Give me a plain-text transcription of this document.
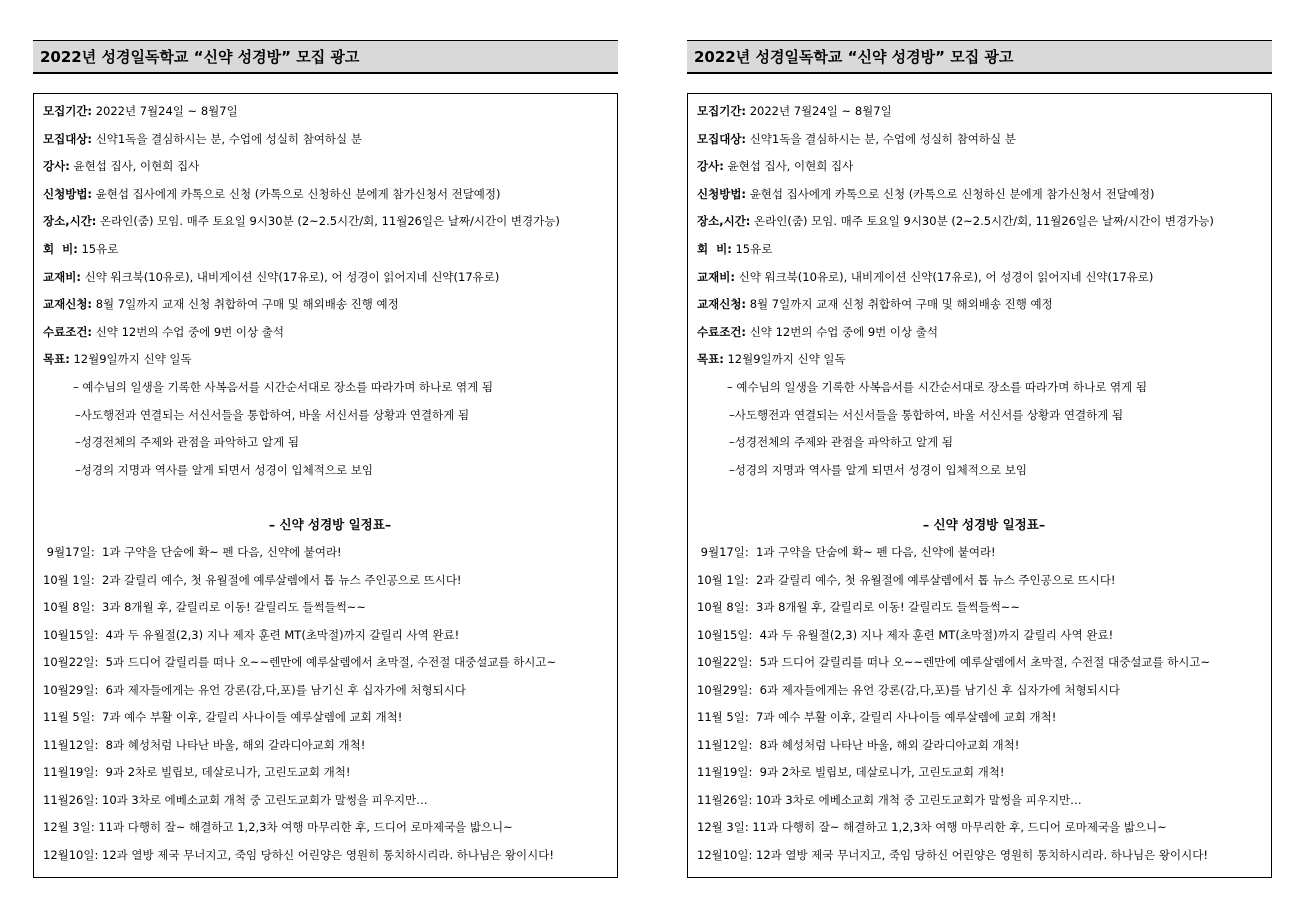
2022년 성경일독학교 “신약 성경방” 모집 광고
모집기간: 2022년 7월24일 ~ 8월7일
모집대상: 신약1독을 결심하시는 분, 수업에 성실히 참여하실 분
강사: 윤현섭 집사, 이현희 집사
신청방법: 윤현섭 집사에게 카톡으로 신청 (카톡으로 신청하신 분에게 참가신청서 전달예정)
장소,시간: 온라인(줌) 모임. 매주 토요일 9시30분 (2~2.5시간/회, 11월26일은 날짜/시간이 변경가능)
회  비: 15유로
교재비: 신약 워크북(10유로), 내비게이션 신약(17유로), 어 성경이 읽어지네 신약(17유로)
교재신청: 8월 7일까지 교재 신청 취합하여 구매 및 해외배송 진행 예정
수료조건: 신약 12번의 수업 중에 9번 이상 출석
목표: 12월9일까지 신약 일독
– 예수님의 일생을 기록한 사복음서를 시간순서대로 장소를 따라가며 하나로 엮게 됨
–사도행전과 연결되는 서신서들을 통합하여, 바울 서신서를 상황과 연결하게 됨
–성경전체의 주제와 관점을 파악하고 알게 됨
–성경의 지명과 역사를 알게 되면서 성경이 입체적으로 보임
– 신약 성경방 일정표–
9월17일:  1과 구약을 단숨에 확~ 펜 다음, 신약에 붙여라!
10월 1일:  2과 갈릴리 예수, 첫 유월절에 예루살렘에서 톱 뉴스 주인공으로 뜨시다!
10월 8일:  3과 8개월 후, 갈릴리로 이동! 갈릴리도 들썩들썩~~
10월15일:  4과 두 유월절(2,3) 지나 제자 훈련 MT(초막절)까지 갈릴리 사역 완료!
10월22일:  5과 드디어 갈릴리를 떠나 오~~렌만에 예루살렘에서 초막절, 수전절 대중설교를 하시고~
10월29일:  6과 제자들에게는 유언 강론(감,다,포)를 남기신 후 십자가에 처형되시다
11월 5일:  7과 예수 부활 이후, 갈릴리 사나이들 예루살렘에 교회 개척!
11월12일:  8과 혜성처럼 나타난 바울, 해외 갈라디아교회 개척!
11월19일:  9과 2차로 빌립보, 데살로니가, 고린도교회 개척!
11월26일: 10과 3차로 에베소교회 개척 중 고린도교회가 말썽을 피우지만…
12월 3일: 11과 다행히 잘~ 해결하고 1,2,3차 여행 마무리한 후, 드디어 로마제국을 밟으니~
12월10일: 12과 열방 제국 무너지고, 죽임 당하신 어린양은 영원히 통치하시리라. 하나님은 왕이시다!
2022년 성경일독학교 “신약 성경방” 모집 광고
모집기간: 2022년 7월24일 ~ 8월7일
모집대상: 신약1독을 결심하시는 분, 수업에 성실히 참여하실 분
강사: 윤현섭 집사, 이현희 집사
신청방법: 윤현섭 집사에게 카톡으로 신청 (카톡으로 신청하신 분에게 참가신청서 전달예정)
장소,시간: 온라인(줌) 모임. 매주 토요일 9시30분 (2~2.5시간/회, 11월26일은 날짜/시간이 변경가능)
회  비: 15유로
교재비: 신약 워크북(10유로), 내비게이션 신약(17유로), 어 성경이 읽어지네 신약(17유로)
교재신청: 8월 7일까지 교재 신청 취합하여 구매 및 해외배송 진행 예정
수료조건: 신약 12번의 수업 중에 9번 이상 출석
목표: 12월9일까지 신약 일독
– 예수님의 일생을 기록한 사복음서를 시간순서대로 장소를 따라가며 하나로 엮게 됨
–사도행전과 연결되는 서신서들을 통합하여, 바울 서신서를 상황과 연결하게 됨
–성경전체의 주제와 관점을 파악하고 알게 됨
–성경의 지명과 역사를 알게 되면서 성경이 입체적으로 보임
– 신약 성경방 일정표–
9월17일:  1과 구약을 단숨에 확~ 펜 다음, 신약에 붙여라!
10월 1일:  2과 갈릴리 예수, 첫 유월절에 예루살렘에서 톱 뉴스 주인공으로 뜨시다!
10월 8일:  3과 8개월 후, 갈릴리로 이동! 갈릴리도 들썩들썩~~
10월15일:  4과 두 유월절(2,3) 지나 제자 훈련 MT(초막절)까지 갈릴리 사역 완료!
10월22일:  5과 드디어 갈릴리를 떠나 오~~렌만에 예루살렘에서 초막절, 수전절 대중설교를 하시고~
10월29일:  6과 제자들에게는 유언 강론(감,다,포)를 남기신 후 십자가에 처형되시다
11월 5일:  7과 예수 부활 이후, 갈릴리 사나이들 예루살렘에 교회 개척!
11월12일:  8과 혜성처럼 나타난 바울, 해외 갈라디아교회 개척!
11월19일:  9과 2차로 빌립보, 데살로니가, 고린도교회 개척!
11월26일: 10과 3차로 에베소교회 개척 중 고린도교회가 말썽을 피우지만…
12월 3일: 11과 다행히 잘~ 해결하고 1,2,3차 여행 마무리한 후, 드디어 로마제국을 밟으니~
12월10일: 12과 열방 제국 무너지고, 죽임 당하신 어린양은 영원히 통치하시리라. 하나님은 왕이시다!
